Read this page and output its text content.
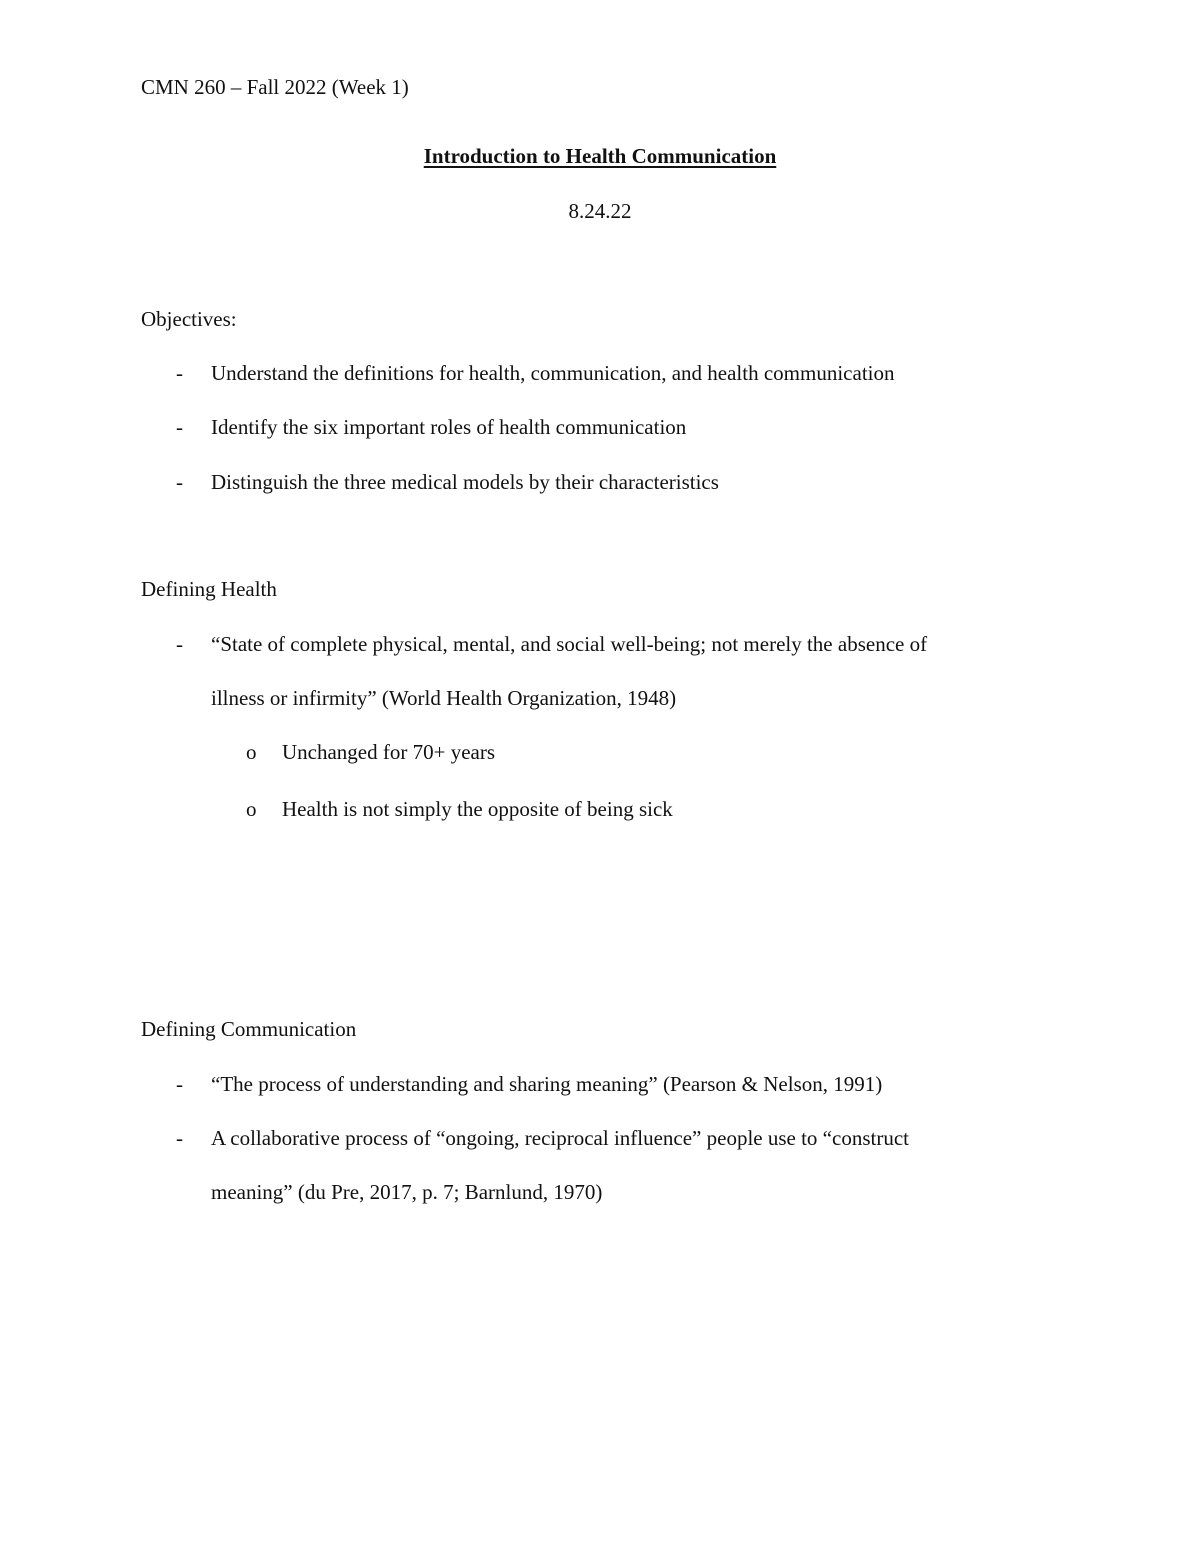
CMN 260 – Fall 2022 (Week 1)
Introduction to Health Communication
8.24.22
Objectives:
- Understand the definitions for health, communication, and health communication
- Identify the six important roles of health communication
- Distinguish the three medical models by their characteristics
Defining Health
- “State of complete physical, mental, and social well-being; not merely the absence of
illness or infirmity” (World Health Organization, 1948)
o Unchanged for 70+ years
o Health is not simply the opposite of being sick
Defining Communication
- “The process of understanding and sharing meaning” (Pearson & Nelson, 1991)
- A collaborative process of “ongoing, reciprocal influence” people use to “construct
meaning” (du Pre, 2017, p. 7; Barnlund, 1970)
